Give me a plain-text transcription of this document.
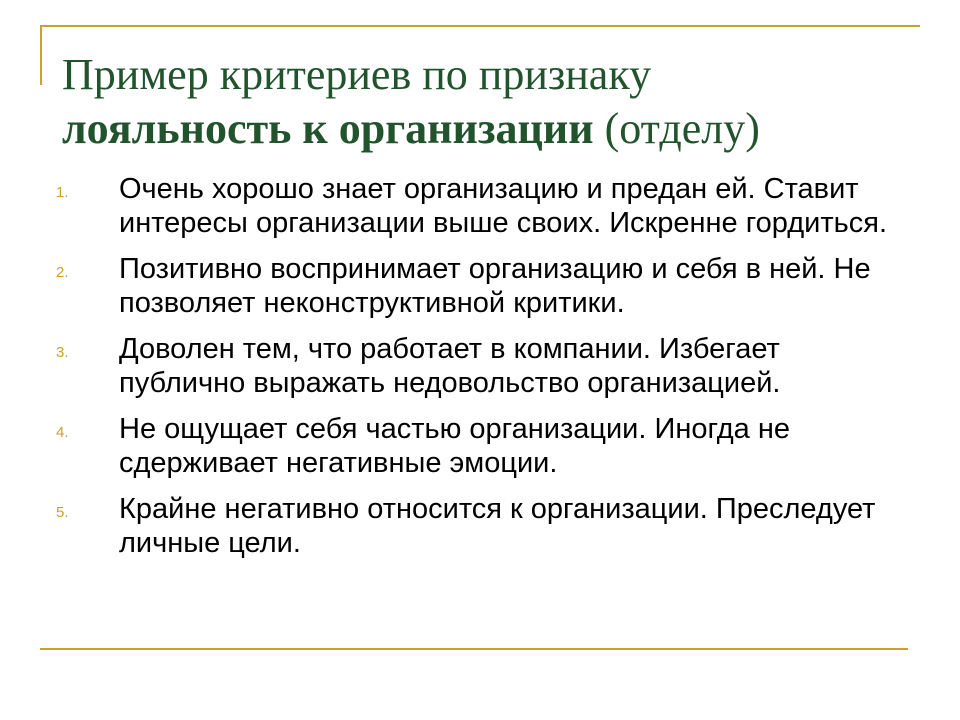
Пример критериев по признаку
лояльность к организации (отделу)
1. Очень хорошо знает организацию и предан ей. Ставит интересы организации выше своих. Искренне гордиться.
2. Позитивно воспринимает организацию и себя в ней. Не позволяет неконструктивной критики.
3. Доволен тем, что работает в компании. Избегает публично выражать недовольство организацией.
4. Не ощущает себя частью организации. Иногда не сдерживает негативные эмоции.
5. Крайне негативно относится к организации. Преследует личные цели.
